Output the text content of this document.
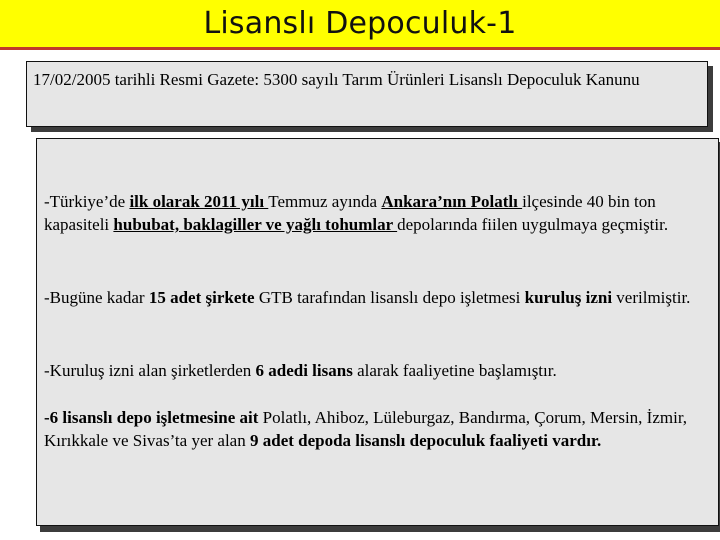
Lisanslı Depoculuk-1
17/02/2005 tarihli Resmi Gazete: 5300 sayılı Tarım Ürünleri Lisanslı Depoculuk Kanunu
-Türkiye’de ilk olarak 2011 yılı Temmuz ayında Ankara’nın Polatlı ilçesinde 40 bin ton kapasiteli hububat, baklagiller ve yağlı tohumlar depolarında fiilen uygulmaya geçmiştir.
-Bugüne kadar 15 adet şirkete GTB tarafından lisanslı depo işletmesi kuruluş izni verilmiştir.
-Kuruluş izni alan şirketlerden 6 adedi lisans alarak faaliyetine başlamıştır.
-6 lisanslı depo işletmesine ait Polatlı, Ahiboz, Lüleburgaz, Bandırma, Çorum, Mersin, İzmir, Kırıkkale ve Sivas’ta yer alan 9 adet depoda lisanslı depoculuk faaliyeti vardır.
